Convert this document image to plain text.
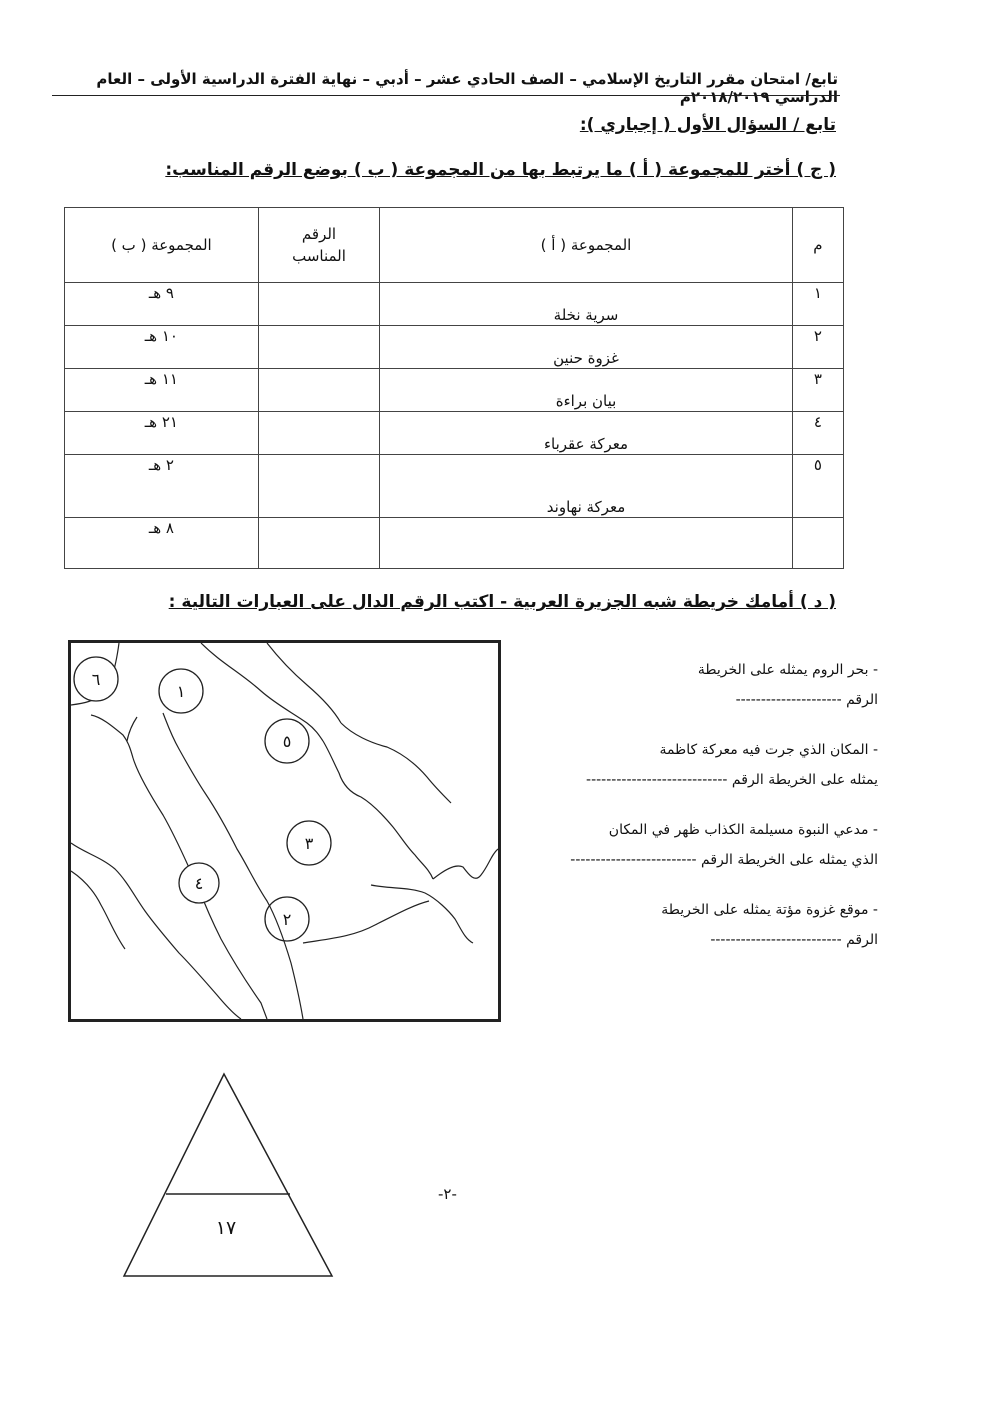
تابع/ امتحان مقرر التاريخ الإسلامي – الصف الحادي عشر – أدبي – نهاية الفترة الدراسية الأولى – العام الدراسي ٢٠١٨/٢٠١٩م
تابع / السؤال الأول ( إجباري ):
( ج ) أختر للمجموعة ( أ ) ما يرتبط بها من المجموعة ( ب ) بوضع الرقم المناسب:
م	المجموعة ( أ )	الرقم المناسب	المجموعة ( ب )
١	سرية نخلة		٩ هـ
٢	غزوة حنين		١٠ هـ
٣	بيان براءة		١١ هـ
٤	معركة عقرباء		٢١ هـ
٥	معركة نهاوند		٢ هـ
			٨ هـ
( د ) أمامك خريطة شبه الجزيرة العربية - اكتب الرقم الدال على العبارات التالية :
٦
١
٥
٣
٤
٢
- بحر الروم يمثله على الخريطة
الرقم ---------------------
- المكان الذي جرت فيه معركة كاظمة
يمثله على الخريطة الرقم ----------------------------
- مدعي النبوة مسيلمة الكذاب ظهر في المكان
الذي يمثله على الخريطة الرقم -------------------------
- موقع غزوة مؤتة يمثله على الخريطة
الرقم --------------------------
١٧
-٢-
